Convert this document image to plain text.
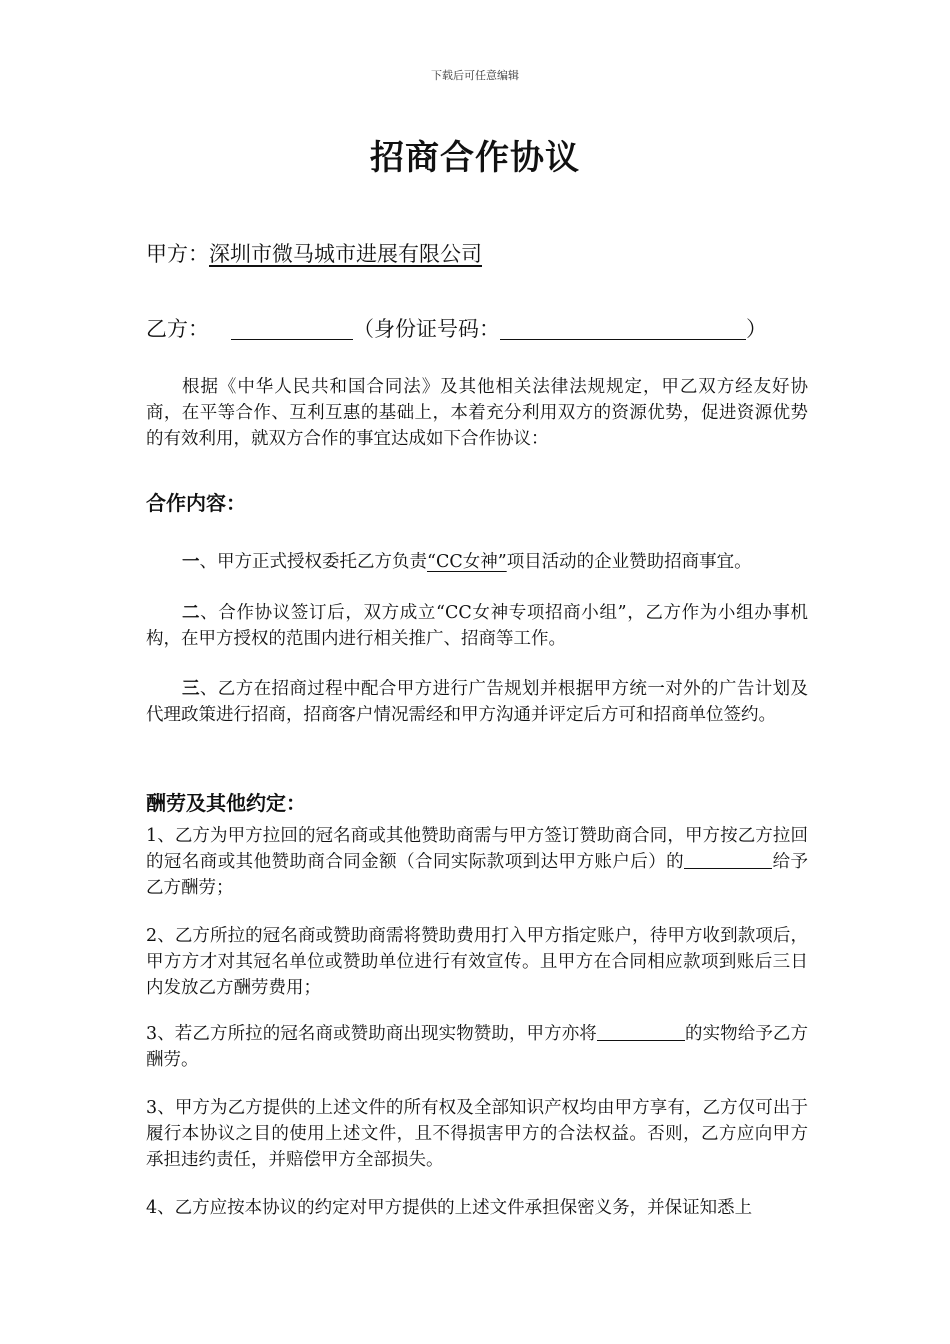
下载后可任意编辑
招商合作协议
甲方：深圳市微马城市进展有限公司
乙方：	（身份证号码：	）
根据《中华人民共和国合同法》及其他相关法律法规规定，甲乙双方经友好协商，在平等合作、互利互惠的基础上，本着充分利用双方的资源优势，促进资源优势的有效利用，就双方合作的事宜达成如下合作协议：
合作内容：
一、甲方正式授权委托乙方负责“CC女神”项目活动的企业赞助招商事宜。
二、合作协议签订后，双方成立“CC女神专项招商小组”，乙方作为小组办事机构，在甲方授权的范围内进行相关推广、招商等工作。
三、乙方在招商过程中配合甲方进行广告规划并根据甲方统一对外的广告计划及代理政策进行招商，招商客户情况需经和甲方沟通并评定后方可和招商单位签约。
酬劳及其他约定：
1、乙方为甲方拉回的冠名商或其他赞助商需与甲方签订赞助商合同，甲方按乙方拉回的冠名商或其他赞助商合同金额（合同实际款项到达甲方账户后）的	给予乙方酬劳；
2、乙方所拉的冠名商或赞助商需将赞助费用打入甲方指定账户，待甲方收到款项后，甲方方才对其冠名单位或赞助单位进行有效宣传。且甲方在合同相应款项到账后三日内发放乙方酬劳费用；
3、若乙方所拉的冠名商或赞助商出现实物赞助，甲方亦将	的实物给予乙方酬劳。
3、甲方为乙方提供的上述文件的所有权及全部知识产权均由甲方享有，乙方仅可出于履行本协议之目的使用上述文件，且不得损害甲方的合法权益。否则，乙方应向甲方承担违约责任，并赔偿甲方全部损失。
4、乙方应按本协议的约定对甲方提供的上述文件承担保密义务，并保证知悉上
